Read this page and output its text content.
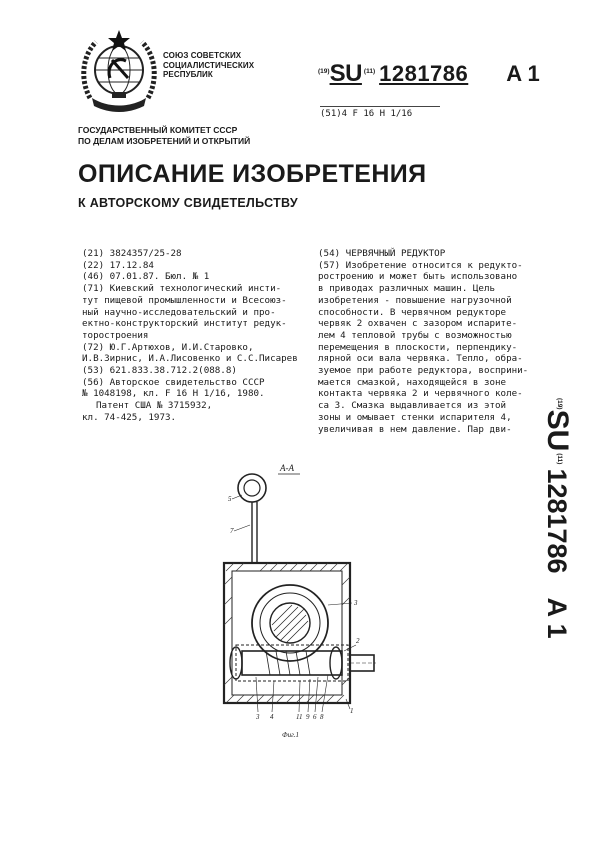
СОЮЗ СОВЕТСКИХ
СОЦИАЛИСТИЧЕСКИХ
РЕСПУБЛИК	$^{(19)}$SU $^{(11)}$ 1281786 A 1
(51)4 F 16 H 1/16
ГОСУДАРСТВЕННЫЙ КОМИТЕТ СССР
ПО ДЕЛАМ ИЗОБРЕТЕНИЙ И ОТКРЫТИЙ
ОПИСАНИЕ ИЗОБРЕТЕНИЯ
К АВТОРСКОМУ СВИДЕТЕЛЬСТВУ
(21) 3824357/25-28
(22) 17.12.84
(46) 07.01.87. Бюл. № 1
(71) Киевский технологический инсти-
тут пищевой промышленности и Всесоюз-
ный научно-исследовательский и про-
ектно-конструкторский институт редук-
торостроения
(72) Ю.Г.Артюхов, И.И.Старовко,
И.В.Зирнис, И.А.Лисовенко и С.С.Писарев
(53) 621.833.38.712.2(088.8)
(56) Авторское свидетельство СССР
№ 1048198, кл. F 16 H 1/16, 1980.
Патент США № 3715932,
кл. 74-425, 1973.
(54) ЧЕРВЯЧНЫЙ РЕДУКТОР
(57) Изобретение относится к редукто-
ростроению и может быть использовано
в приводах различных машин. Цель
изобретения - повышение нагрузочной
способности. В червячном редукторе
червяк 2 охвачен с зазором испарите-
лем 4 тепловой трубы с возможностью
перемещения в плоскости, перпендику-
лярной оси вала червяка. Тепло, обра-
зуемое при работе редуктора, восприни-
мается смазкой, находящейся в зоне
контакта червяка 2 и червячного коле-
са 3. Смазка выдавливается из этой
зоны и омывает стенки испарителя 4,
увеличивая в нем давление. Пар дви-
$^{(19)}$SU$^{(11)}$1281786A 1
А-А
5
7
3
2
3 4	11 9 6 8
1
Фиг.1
